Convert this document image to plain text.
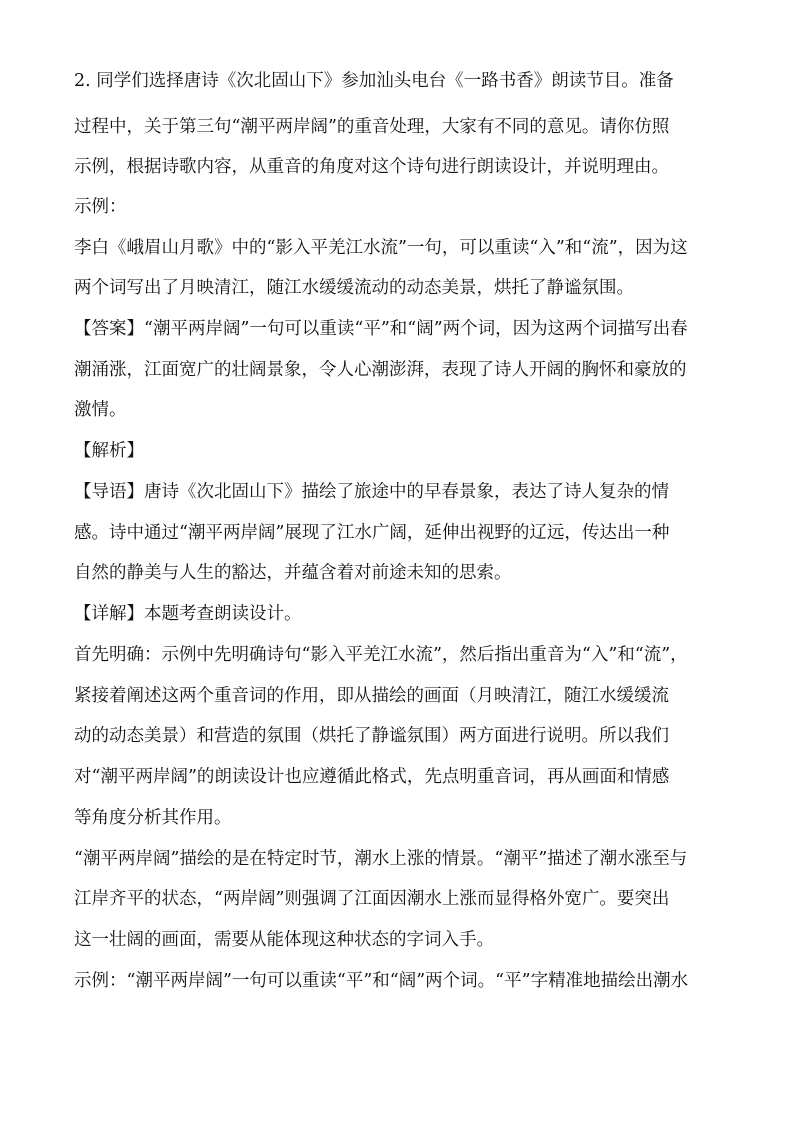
2. 同学们选择唐诗《次北固山下》参加汕头电台《一路书香》朗读节目。准备
过程中，关于第三句“潮平两岸阔”的重音处理，大家有不同的意见。请你仿照
示例，根据诗歌内容，从重音的角度对这个诗句进行朗读设计，并说明理由。
示例：
李白《峨眉山月歌》中的“影入平羌江水流”一句，可以重读“入”和“流”，因为这
两个词写出了月映清江，随江水缓缓流动的动态美景，烘托了静谧氛围。
【答案】“潮平两岸阔”一句可以重读“平”和“阔”两个词，因为这两个词描写出春
潮涌涨，江面宽广的壮阔景象，令人心潮澎湃，表现了诗人开阔的胸怀和豪放的
激情。
【解析】
【导语】唐诗《次北固山下》描绘了旅途中的早春景象，表达了诗人复杂的情
感。诗中通过“潮平两岸阔”展现了江水广阔，延伸出视野的辽远，传达出一种
自然的静美与人生的豁达，并蕴含着对前途未知的思索。
【详解】本题考查朗读设计。
首先明确：示例中先明确诗句“影入平羌江水流”，然后指出重音为“入”和“流”，
紧接着阐述这两个重音词的作用，即从描绘的画面（月映清江，随江水缓缓流
动的动态美景）和营造的氛围（烘托了静谧氛围）两方面进行说明。所以我们
对“潮平两岸阔”的朗读设计也应遵循此格式，先点明重音词，再从画面和情感
等角度分析其作用。
“潮平两岸阔”描绘的是在特定时节，潮水上涨的情景。“潮平”描述了潮水涨至与
江岸齐平的状态，“两岸阔”则强调了江面因潮水上涨而显得格外宽广。要突出
这一壮阔的画面，需要从能体现这种状态的字词入手。
示例：“潮平两岸阔”一句可以重读“平”和“阔”两个词。“平”字精准地描绘出潮水
